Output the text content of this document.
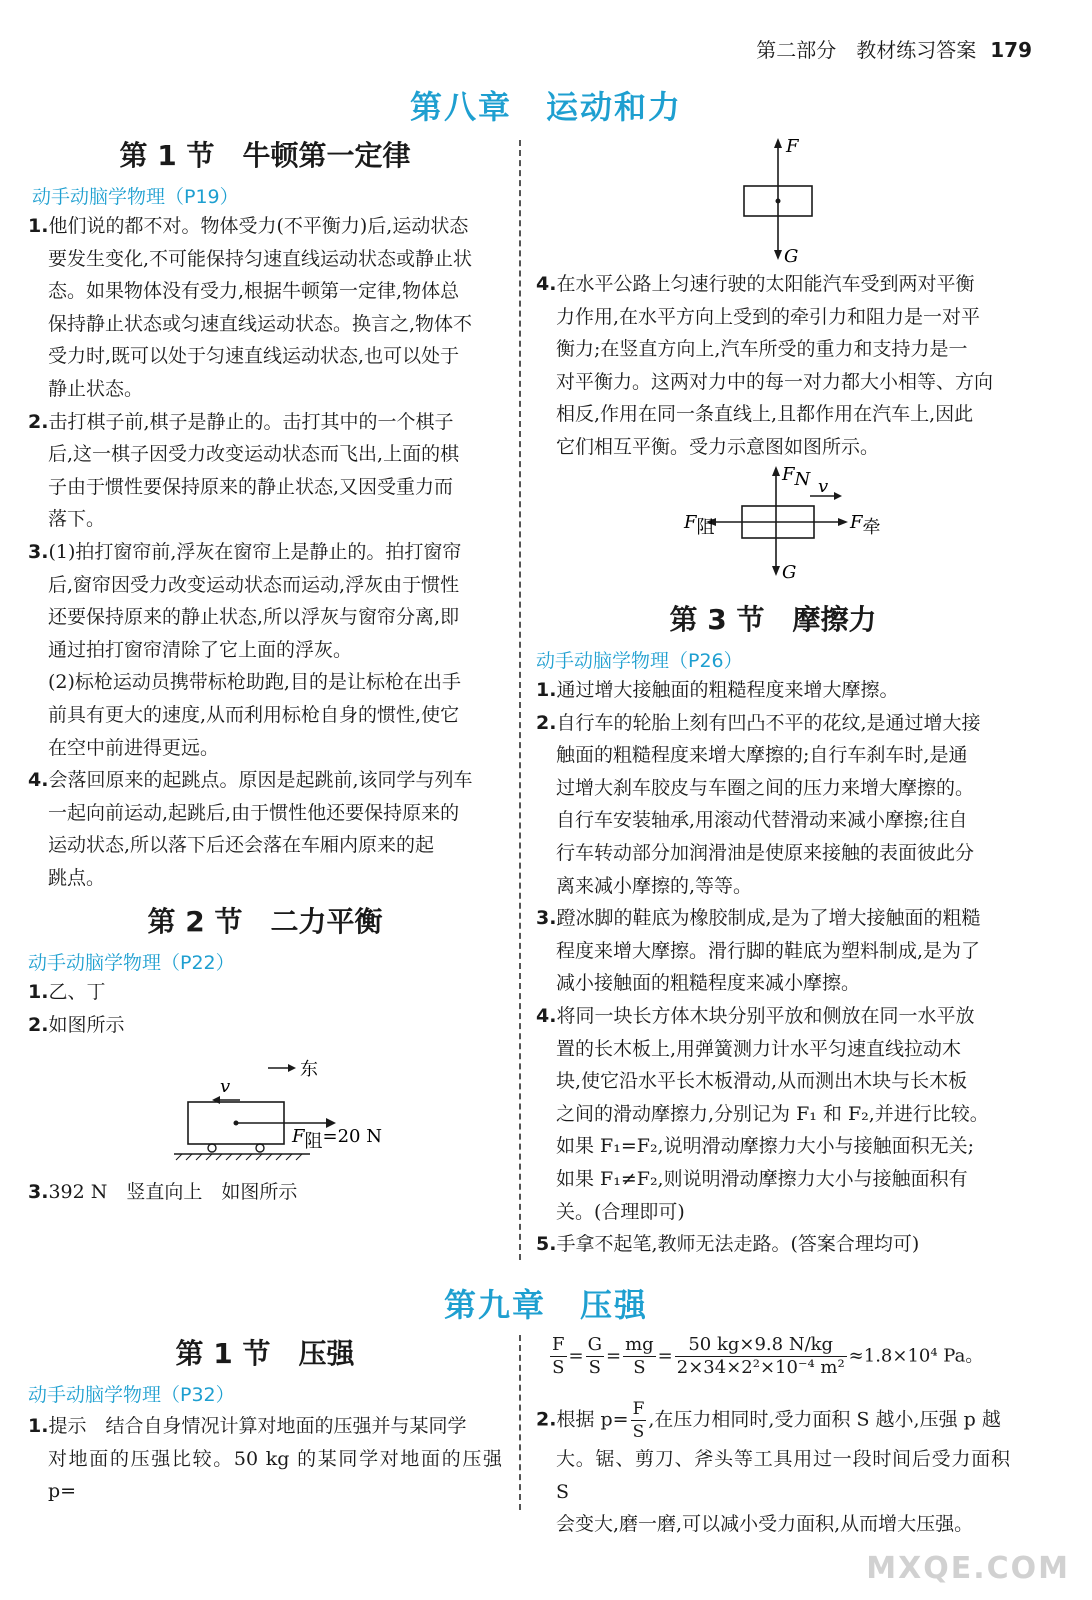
第二部分　教材练习答案 179
第八章　运动和力
第 1 节　牛顿第一定律
动手动脑学物理（P19）
1.他们说的都不对。物体受力(不平衡力)后,运动状态
要发生变化,不可能保持匀速直线运动状态或静止状
态。如果物体没有受力,根据牛顿第一定律,物体总
保持静止状态或匀速直线运动状态。换言之,物体不
受力时,既可以处于匀速直线运动状态,也可以处于
静止状态。
2.击打棋子前,棋子是静止的。击打其中的一个棋子
后,这一棋子因受力改变运动状态而飞出,上面的棋
子由于惯性要保持原来的静止状态,又因受重力而
落下。
3.(1)拍打窗帘前,浮灰在窗帘上是静止的。拍打窗帘
后,窗帘因受力改变运动状态而运动,浮灰由于惯性
还要保持原来的静止状态,所以浮灰与窗帘分离,即
通过拍打窗帘清除了它上面的浮灰。
(2)标枪运动员携带标枪助跑,目的是让标枪在出手
前具有更大的速度,从而利用标枪自身的惯性,使它
在空中前进得更远。
4.会落回原来的起跳点。原因是起跳前,该同学与列车
一起向前运动,起跳后,由于惯性他还要保持原来的
运动状态,所以落下后还会落在车厢内原来的起
跳点。
第 2 节　二力平衡
动手动脑学物理（P22）
1.乙、丁
2.如图所示
东
v
F阻=20 N
3.392 N　竖直向上　如图所示
F
G
4.在水平公路上匀速行驶的太阳能汽车受到两对平衡
力作用,在水平方向上受到的牵引力和阻力是一对平
衡力;在竖直方向上,汽车所受的重力和支持力是一
对平衡力。这两对力中的每一对力都大小相等、方向
相反,作用在同一条直线上,且都作用在汽车上,因此
它们相互平衡。受力示意图如图所示。
FN v
F阻	F牵
G
第 3 节　摩擦力
动手动脑学物理（P26）
1.通过增大接触面的粗糙程度来增大摩擦。
2.自行车的轮胎上刻有凹凸不平的花纹,是通过增大接
触面的粗糙程度来增大摩擦的;自行车刹车时,是通
过增大刹车胶皮与车圈之间的压力来增大摩擦的。
自行车安装轴承,用滚动代替滑动来减小摩擦;往自
行车转动部分加润滑油是使原来接触的表面彼此分
离来减小摩擦的,等等。
3.蹬冰脚的鞋底为橡胶制成,是为了增大接触面的粗糙
程度来增大摩擦。滑行脚的鞋底为塑料制成,是为了
减小接触面的粗糙程度来减小摩擦。
4.将同一块长方体木块分别平放和侧放在同一水平放
置的长木板上,用弹簧测力计水平匀速直线拉动木
块,使它沿水平长木板滑动,从而测出木块与长木板
之间的滑动摩擦力,分别记为 F₁ 和 F₂,并进行比较。
如果 F₁=F₂,说明滑动摩擦力大小与接触面积无关;
如果 F₁≠F₂,则说明滑动摩擦力大小与接触面积有
关。(合理即可)
5.手拿不起笔,教师无法走路。(答案合理均可)
第九章　压强
第 1 节　压强
动手动脑学物理（P32）
1.提示　结合自身情况计算对地面的压强并与某同学
对地面的压强比较。50 kg 的某同学对地面的压强 p=
$\frac{F}{S} = \frac{G}{S} = \frac{mg}{S} = \frac{50 kg\times 9.8 N/kg}{\text{2×34×2²×10⁻⁴ m²}} \approx 1.8\times 10^4$ Pa。
2.根据 $p= \frac{F}{S}$ ,在压力相同时,受力面积 S 越小,压强 p 越
大。锯、剪刀、斧头等工具用过一段时间后受力面积 S
会变大,磨一磨,可以减小受力面积,从而增大压强。
MXQE.COM
